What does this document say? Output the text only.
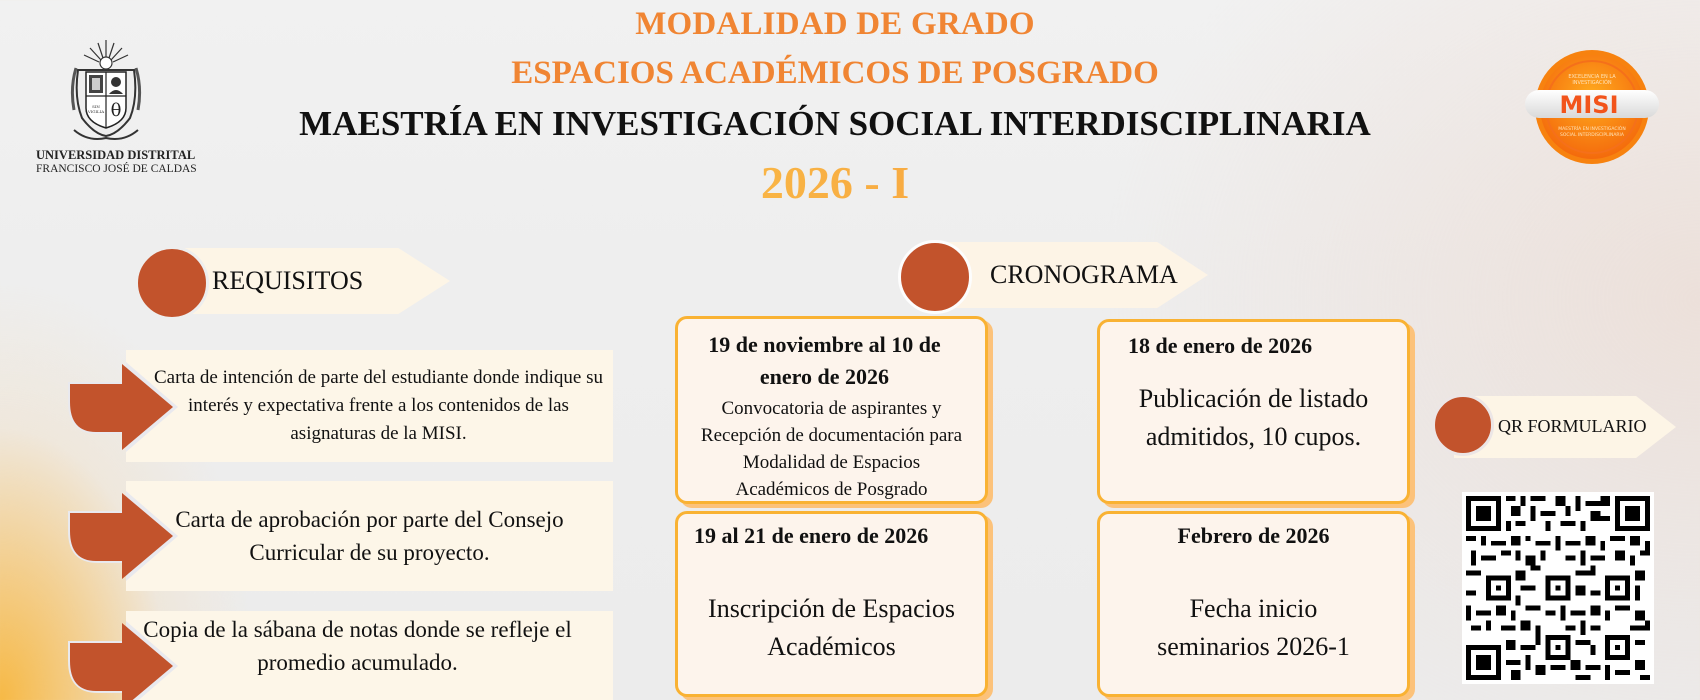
MODALIDAD DE GRADO
ESPACIOS ACADÉMICOS DE POSGRADO
MAESTRÍA EN INVESTIGACIÓN SOCIAL INTERDISCIPLINARIA
2026 - I
SIN
VIGILIA θ
UNIVERSIDAD DISTRITAL
FRANCISCO JOSÉ DE CALDAS
EXCELENCIA EN LA
INVESTIGACIÓN
MISI
MAESTRÍA EN INVESTIGACIÓN
SOCIAL INTERDISCIPLINARIA
REQUISITOS
Carta de intención de parte del estudiante donde indique su interés y expectativa frente a los contenidos de las asignaturas de la MISI.
Carta de aprobación por parte del Consejo Curricular de su proyecto.
Copia de la sábana de notas donde se refleje el promedio acumulado.
CRONOGRAMA
19 de noviembre al 10 de enero de 2026
Convocatoria de aspirantes y Recepción de documentación para Modalidad de Espacios Académicos de Posgrado
18 de enero de 2026
Publicación de listado admitidos, 10 cupos.
19 al 21 de enero de 2026
Inscripción de Espacios Académicos
Febrero de 2026
Fecha inicio seminarios 2026-1
QR FORMULARIO
